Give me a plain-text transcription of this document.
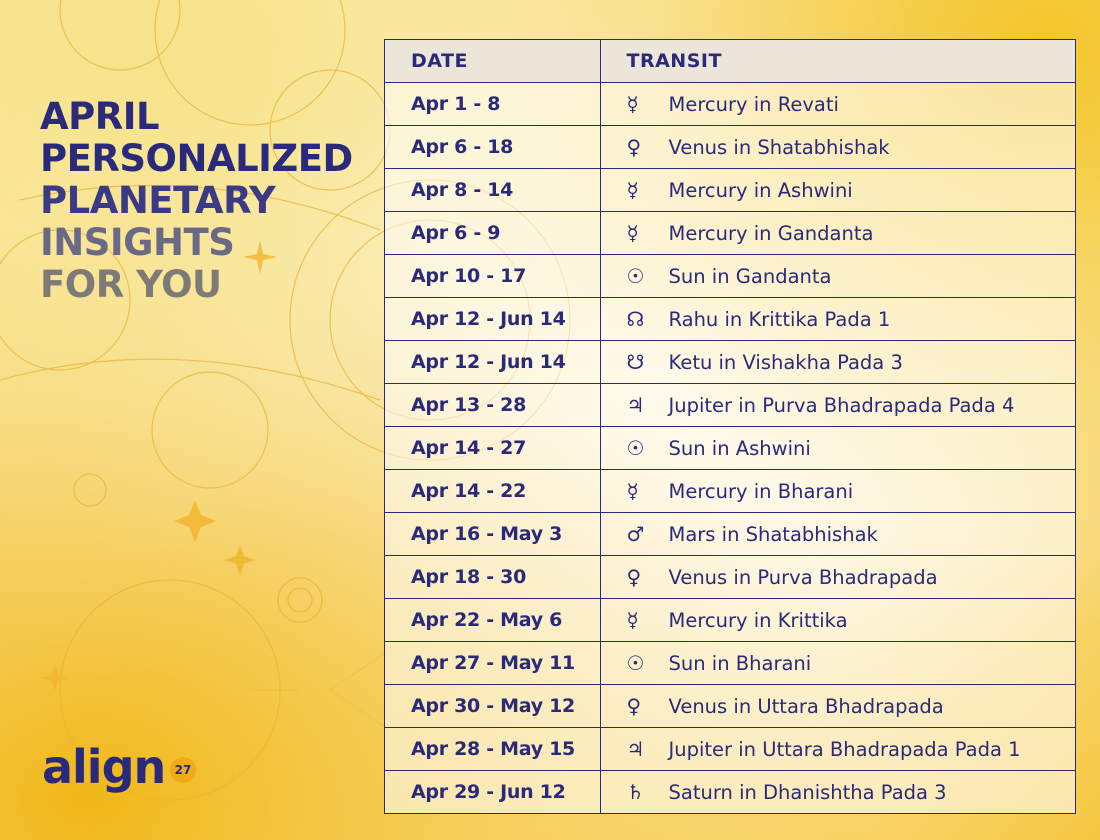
APRIL
PERSONALIZED
PLANETARY
INSIGHTS
FOR YOU
align 27
DATE	TRANSIT
Apr 1 - 8	☿ Mercury in Revati
Apr 6 - 18	♀ Venus in Shatabhishak
Apr 8 - 14	☿ Mercury in Ashwini
Apr 6 - 9	☿ Mercury in Gandanta
Apr 10 - 17	☉ Sun in Gandanta
Apr 12 - Jun 14	☊ Rahu in Krittika Pada 1
Apr 12 - Jun 14	☋ Ketu in Vishakha Pada 3
Apr 13 - 28	♃ Jupiter in Purva Bhadrapada Pada 4
Apr 14 - 27	☉ Sun in Ashwini
Apr 14 - 22	☿ Mercury in Bharani
Apr 16 - May 3	♂ Mars in Shatabhishak
Apr 18 - 30	♀ Venus in Purva Bhadrapada
Apr 22 - May 6	☿ Mercury in Krittika
Apr 27 - May 11	☉ Sun in Bharani
Apr 30 - May 12	♀ Venus in Uttara Bhadrapada
Apr 28 - May 15	♃ Jupiter in Uttara Bhadrapada Pada 1
Apr 29 - Jun 12	♄ Saturn in Dhanishtha Pada 3
